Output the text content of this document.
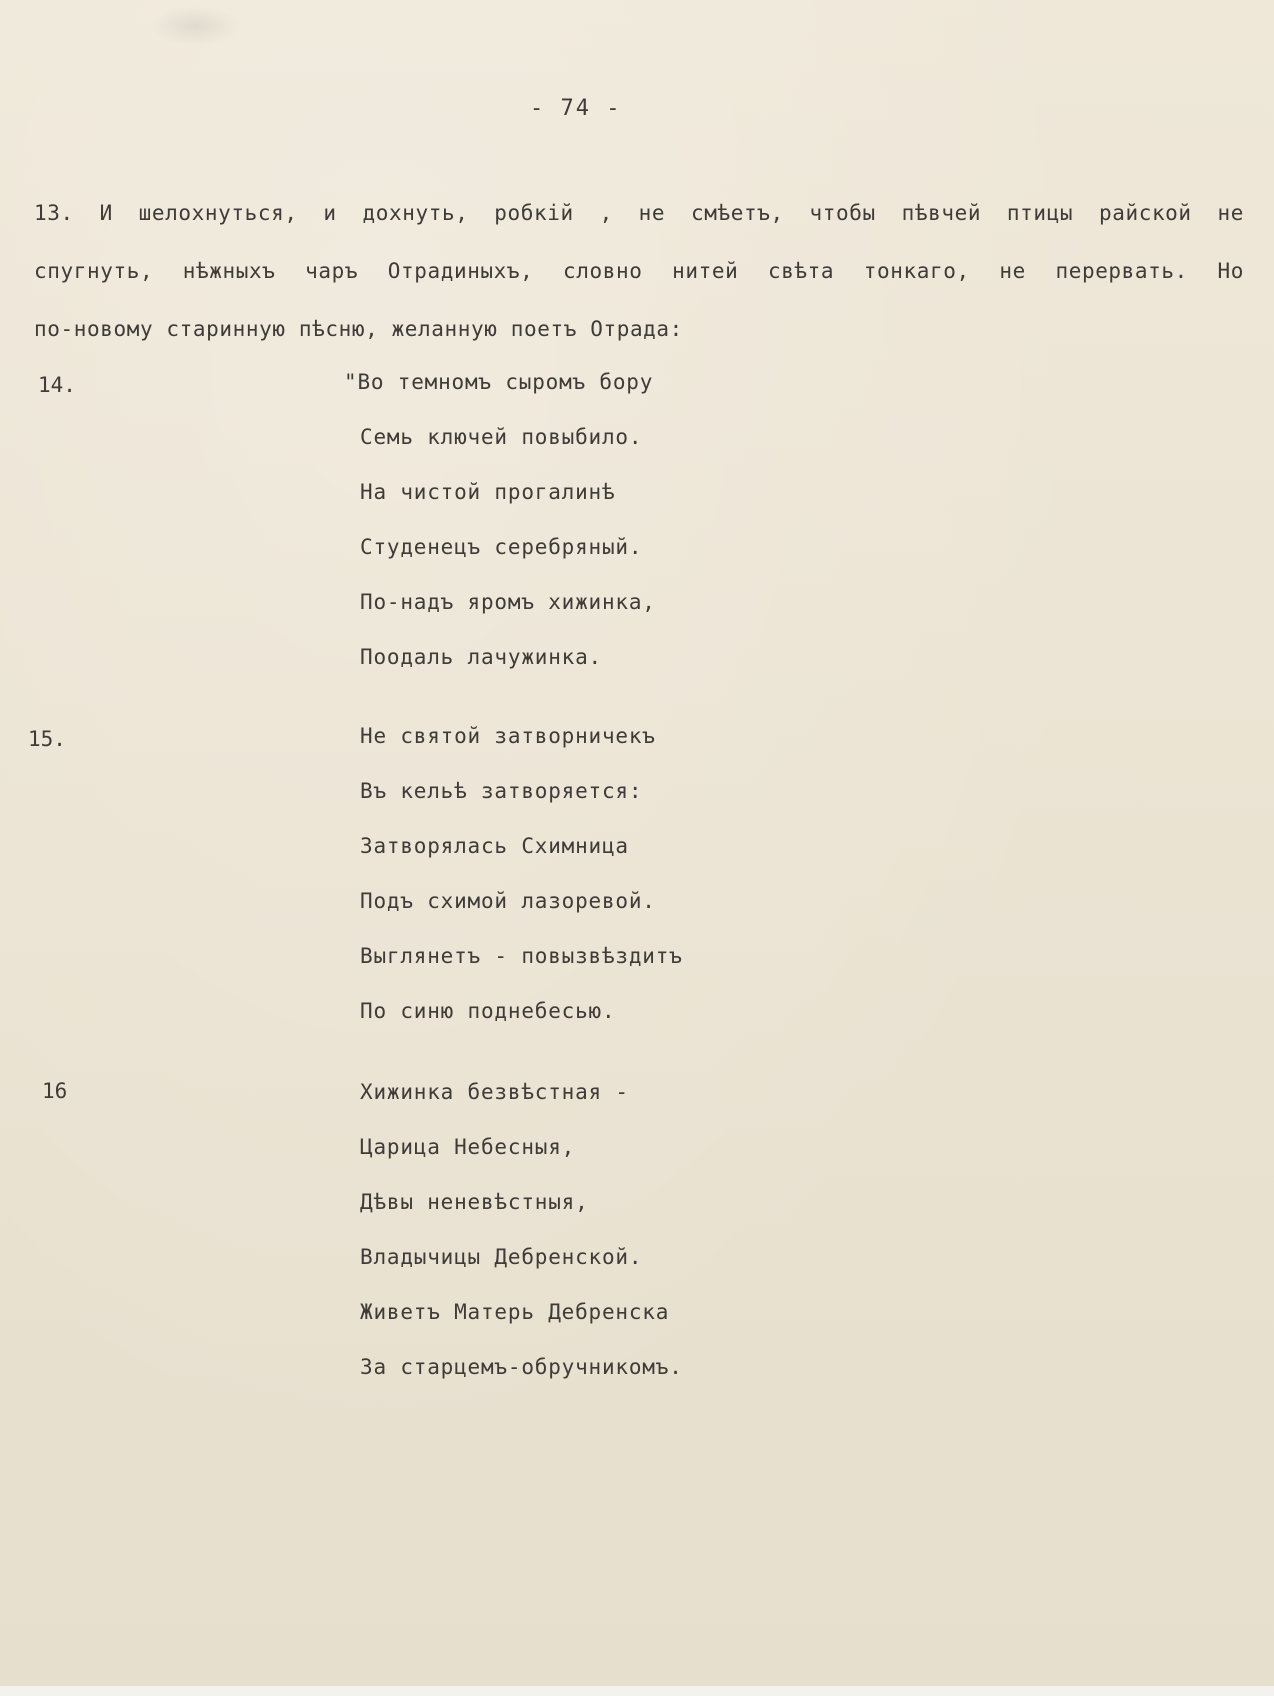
- 74 -

13. И шелохнуться, и дохнуть, робкій , не смѣетъ, чтобы пѣвчей птицы райской не
спугнуть, нѣжныхъ чаръ Отрадиныхъ, словно нитей свѣта тонкаго, не перервать. Но
по-новому старинную пѣсню, желанную поетъ Отрада:

14.	"Во темномъ сыромъ бору
Семь ключей повыбило.
На чистой прогалинѣ
Студенецъ серебряный.
По-надъ яромъ хижинка,
Поодаль лачужинка.
15.	Не святой затворничекъ
Въ кельѣ затворяется:
Затворялась Схимница
Подъ схимой лазоревой.
Выглянетъ - повызвѣздитъ
По синю поднебесью.
16	Хижинка безвѣстная -
Царица Небесныя,
Дѣвы неневѣстныя,
Владычицы Дебренской.
Живетъ Матерь Дебренска
За старцемъ-обручникомъ.
